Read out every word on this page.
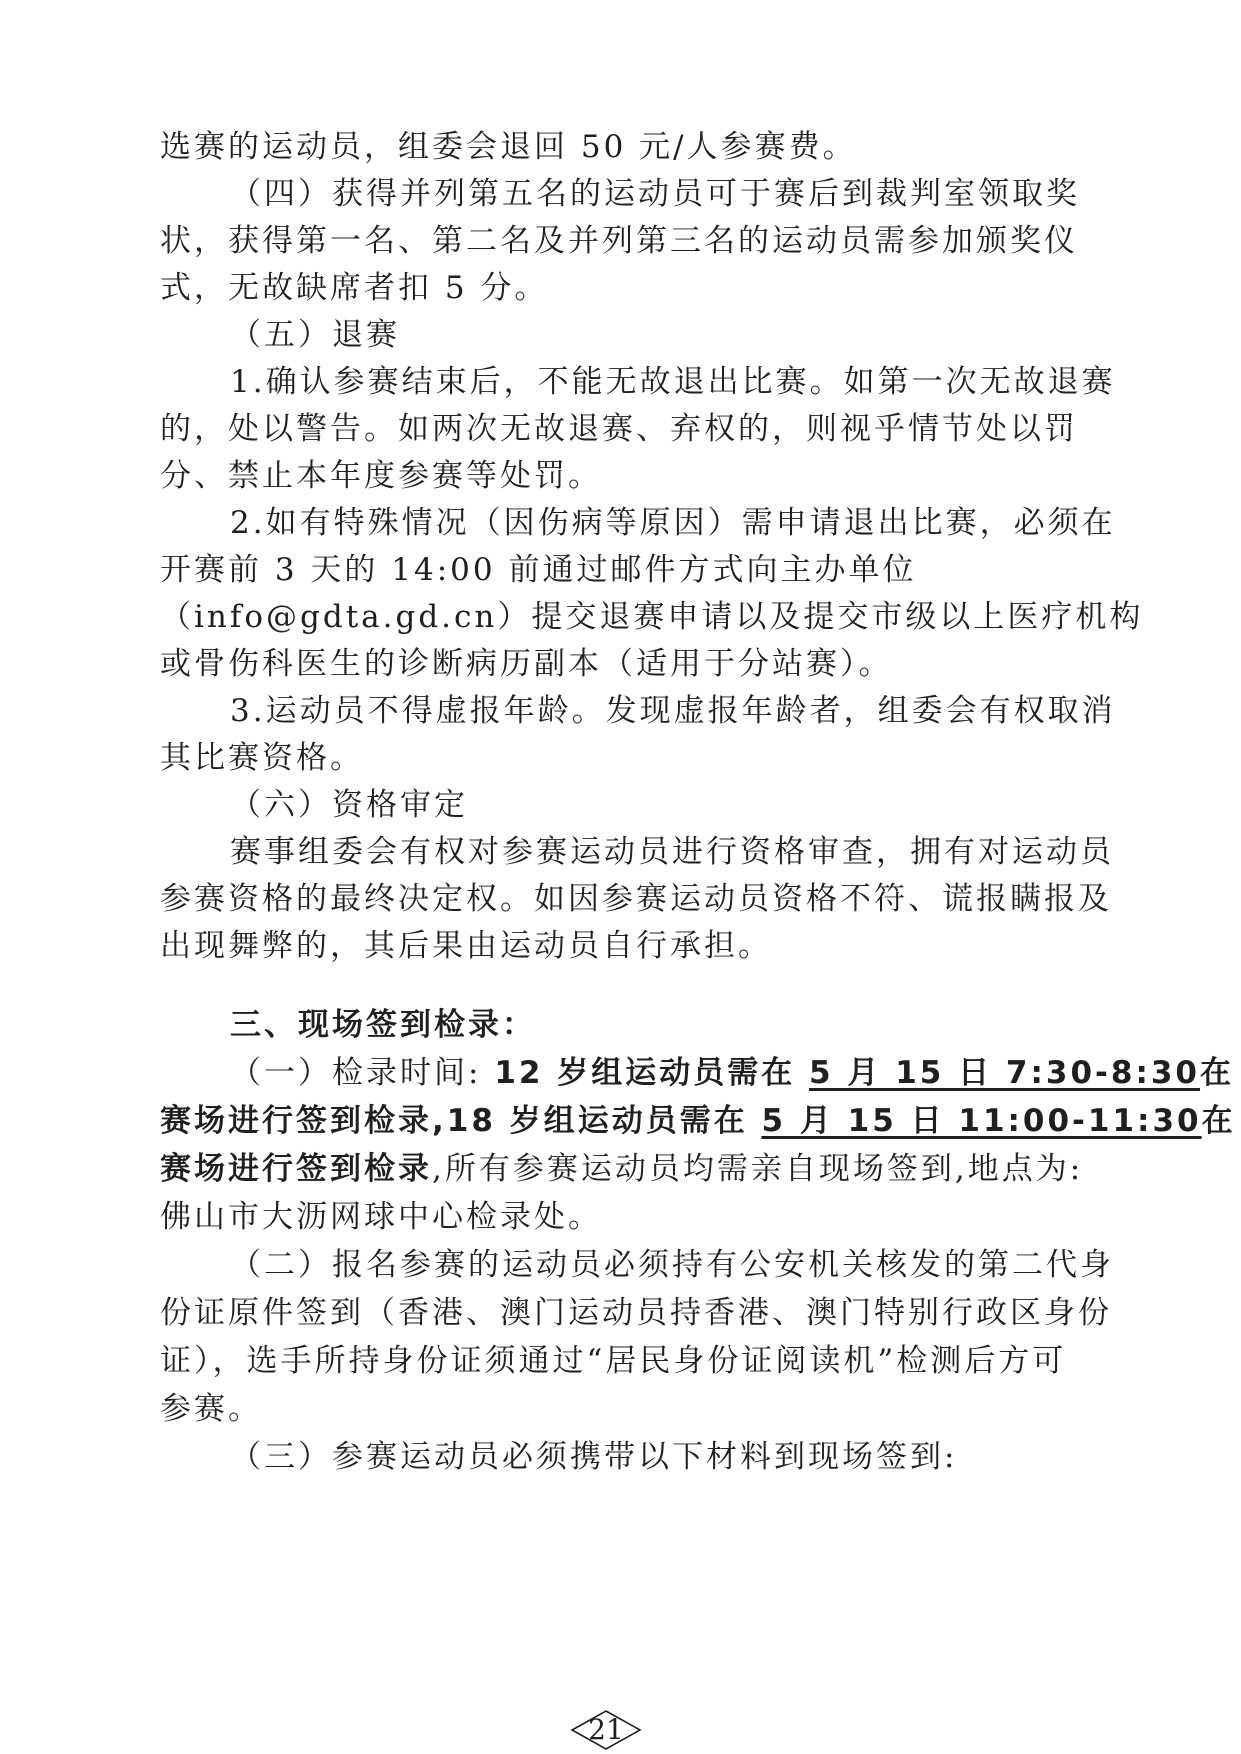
选赛的运动员，组委会退回 50 元/人参赛费。
（四）获得并列第五名的运动员可于赛后到裁判室领取奖
状，获得第一名、第二名及并列第三名的运动员需参加颁奖仪
式，无故缺席者扣 5 分。
（五）退赛
1.确认参赛结束后，不能无故退出比赛。如第一次无故退赛
的，处以警告。如两次无故退赛、弃权的，则视乎情节处以罚
分、禁止本年度参赛等处罚。
2.如有特殊情况（因伤病等原因）需申请退出比赛，必须在
开赛前 3 天的 14:00 前通过邮件方式向主办单位
（info@gdta.gd.cn）提交退赛申请以及提交市级以上医疗机构
或骨伤科医生的诊断病历副本（适用于分站赛）。
3.运动员不得虚报年龄。发现虚报年龄者，组委会有权取消
其比赛资格。
（六）资格审定
赛事组委会有权对参赛运动员进行资格审查，拥有对运动员
参赛资格的最终决定权。如因参赛运动员资格不符、谎报瞒报及
出现舞弊的，其后果由运动员自行承担。
三、现场签到检录：
（一）检录时间: 12 岁组运动员需在 5 月 15 日 7:30-8:30在
赛场进行签到检录,18 岁组运动员需在 5 月 15 日 11:00-11:30在
赛场进行签到检录,所有参赛运动员均需亲自现场签到,地点为:
佛山市大沥网球中心检录处。
（二）报名参赛的运动员必须持有公安机关核发的第二代身
份证原件签到（香港、澳门运动员持香港、澳门特别行政区身份
证），选手所持身份证须通过“居民身份证阅读机”检测后方可
参赛。
（三）参赛运动员必须携带以下材料到现场签到:
21
